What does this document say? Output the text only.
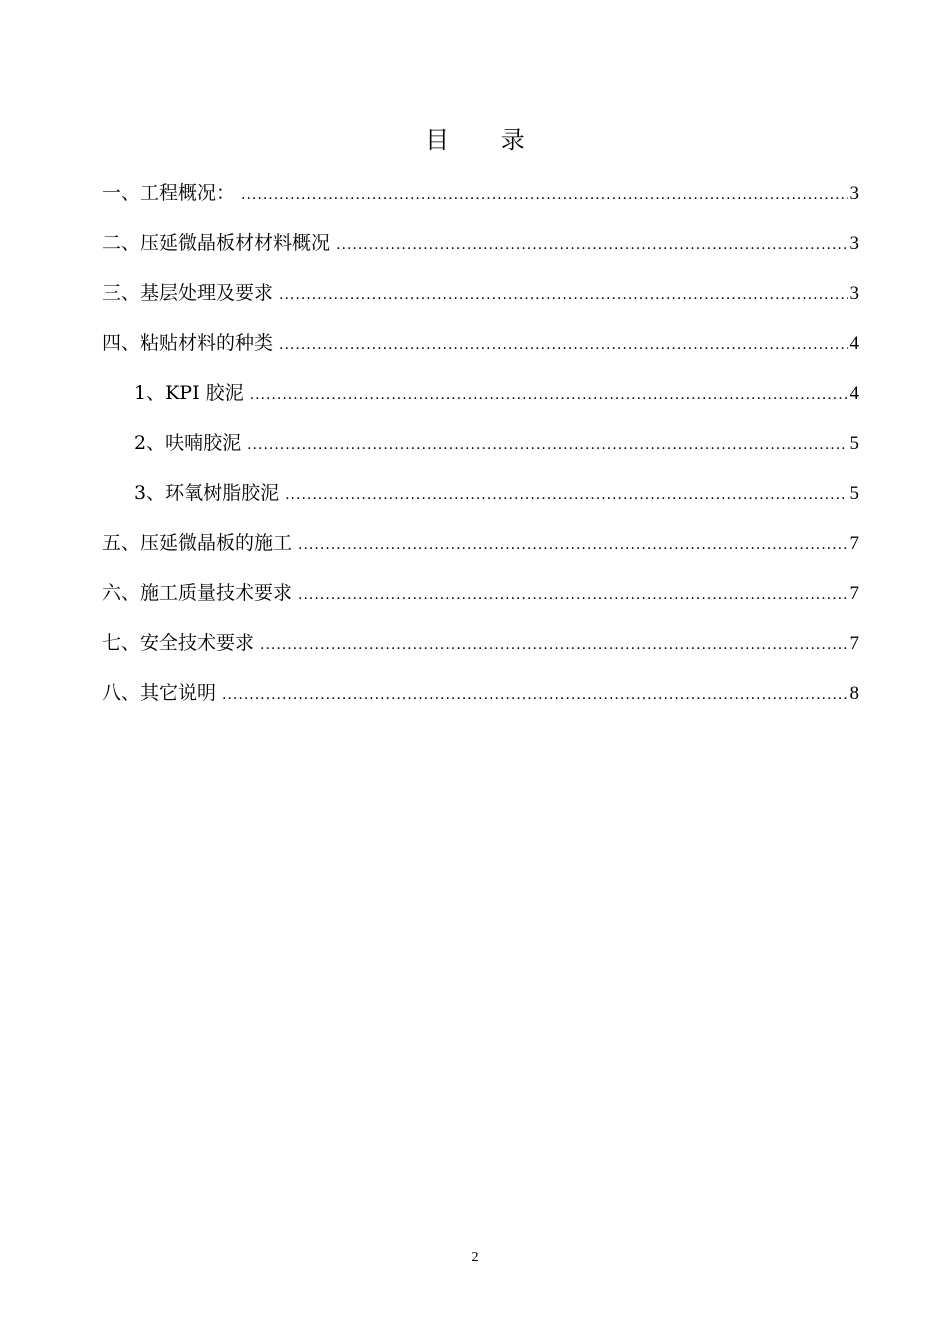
目 录
一、工程概况： .....	3
二、压延微晶板材材料概况 .....	3
三、基层处理及要求 .....	3
四、粘贴材料的种类 .....	4
1、KPI 胶泥 .....	4
2、呋喃胶泥 .....	5
3、环氧树脂胶泥 .....	5
五、压延微晶板的施工 .....	7
六、施工质量技术要求 .....	7
七、安全技术要求 .....	7
八、其它说明 .....	8
2
